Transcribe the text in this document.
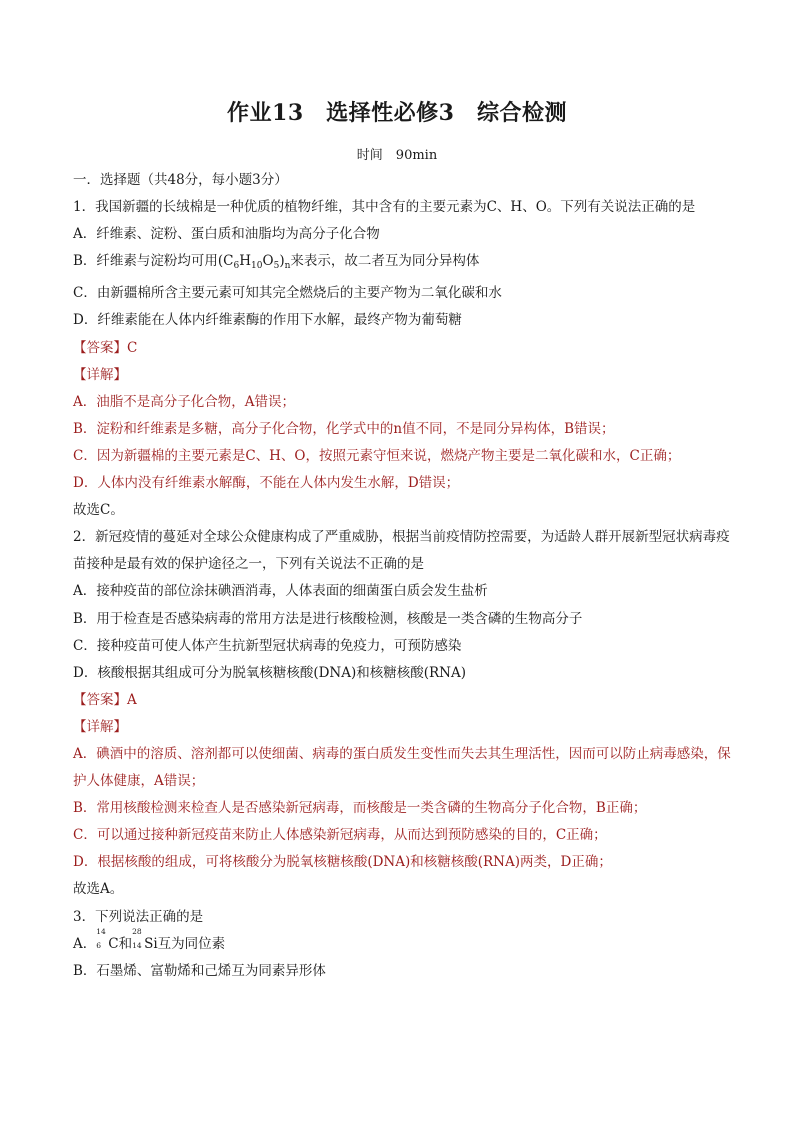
作业13　选择性必修3　综合检测
时间　90min
一．选择题（共48分，每小题3分）
1．我国新疆的长绒棉是一种优质的植物纤维，其中含有的主要元素为C、H、O。下列有关说法正确的是
A．纤维素、淀粉、蛋白质和油脂均为高分子化合物
B．纤维素与淀粉均可用$(C_6H_{10}O_5)_n$来表示，故二者互为同分异构体
C．由新疆棉所含主要元素可知其完全燃烧后的主要产物为二氧化碳和水
D．纤维素能在人体内纤维素酶的作用下水解，最终产物为葡萄糖
【答案】C
【详解】
A．油脂不是高分子化合物，A错误；
B．淀粉和纤维素是多糖，高分子化合物，化学式中的n值不同，不是同分异构体，B错误；
C．因为新疆棉的主要元素是C、H、O，按照元素守恒来说，燃烧产物主要是二氧化碳和水，C正确；
D．人体内没有纤维素水解酶，不能在人体内发生水解，D错误；
故选C。
2．新冠疫情的蔓延对全球公众健康构成了严重威胁，根据当前疫情防控需要，为适龄人群开展新型冠状病毒疫苗接种是最有效的保护途径之一，下列有关说法不正确的是
A．接种疫苗的部位涂抹碘酒消毒，人体表面的细菌蛋白质会发生盐析
B．用于检查是否感染病毒的常用方法是进行核酸检测，核酸是一类含磷的生物高分子
C．接种疫苗可使人体产生抗新型冠状病毒的免疫力，可预防感染
D．核酸根据其组成可分为脱氧核糖核酸(DNA)和核糖核酸(RNA)
【答案】A
【详解】
A．碘酒中的溶质、溶剂都可以使细菌、病毒的蛋白质发生变性而失去其生理活性，因而可以防止病毒感染，保护人体健康，A错误；
B．常用核酸检测来检查人是否感染新冠病毒，而核酸是一类含磷的生物高分子化合物，B正确；
C．可以通过接种新冠疫苗来防止人体感染新冠病毒，从而达到预防感染的目的，C正确；
D．根据核酸的组成，可将核酸分为脱氧核糖核酸(DNA)和核糖核酸(RNA)两类，D正确；
故选A。
3．下列说法正确的是
A．
14
6 C和
28
14 Si互为同位素
B．石墨烯、富勒烯和己烯互为同素异形体
